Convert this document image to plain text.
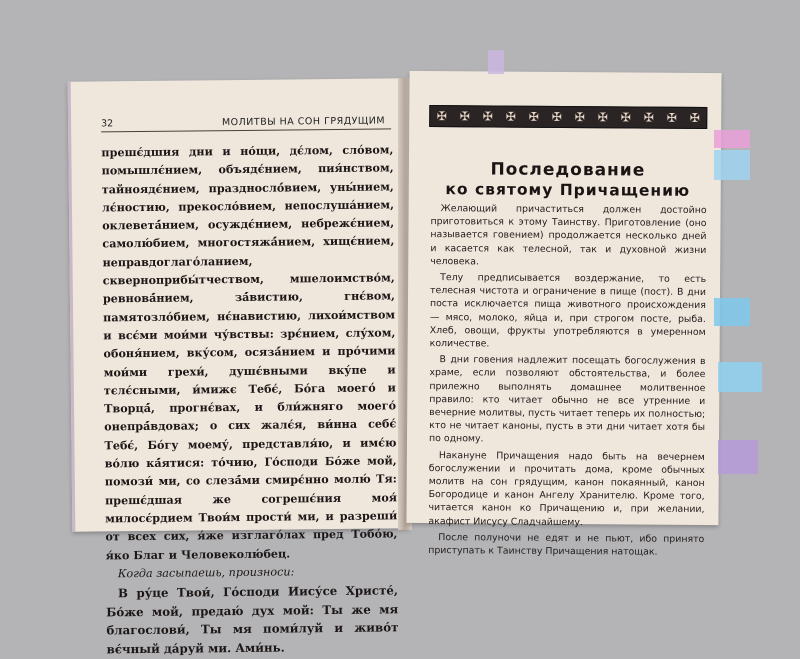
32	МОЛИТВЫ НА СОН ГРЯДУЩИМ

прешє́дшия дни и но́щи, дє́лом, сло́вом, помышлє́нием, объядє́нием, пия́нством, тайноядє́нием, празднослó́вием, уны́нием, лє́ностию, прекосло́вием, непослуша́нием, оклеветá́нием, осуждє́нием, небрежє́нием, самолю́бием, многостяжá́нием, хищє́нием, неправдоглаго́ланием, скверноприбы́тчеством, мшелоимство́м, ревновá́нием, зá́вистию, гнє́вом, памятозло́бием, нє́навистию, лихои́мством и всє́ми мои́ми чу́вствы: зрє́нием, слу́хом, обоня́нием, вку́сом, осязá́нием и про́чими мои́ми грехи́, душє́вными вку́пе и тєлє́сными, и́мижє Тебє́, Бо́га моего́ и Творцá́, прогнє́вах, и бли́жняго моего́ онепрá́вдовах; о сих жалє́я, ви́нна себє́ Тебє́, Бо́гу моему́, представля́ю, и имє́ю во́лю кá́ятися: то́чию, Го́споди Бо́же мой, помози́ ми, со слезá́ми смирє́нно молю́ Тя: прешє́дшая же согрешє́ния моя́ милосє́рдием Твои́м прости́ ми, и разреши́ от всех сих, я́же изглаго́лах пред Тобо́ю, я́ко Благ и Человеколю́бец.

Когда засыпаешь, произноси:

В ру́це Твои́, Го́споди Иису́се Христе́, Бо́же мой, предаю́ дух мой: Ты же мя благослови́, Ты мя поми́луй и живо́т вє́чный да́руй ми. Ами́нь.

✠ ✠ ✠ ✠ ✠ ✠ ✠ ✠ ✠ ✠ ✠ ✠
Последование
ко святому Причащению

Желающий причаститься должен достойно приготовиться к этому Таинству. Приготовление (оно называется говением) продолжается несколько дней и касается как телесной, так и духовной жизни человека.

Телу предписывается воздержание, то есть телесная чистота и ограничение в пище (пост). В дни поста исключается пища животного происхождения — мясо, молоко, яйца и, при строгом посте, рыба. Хлеб, овощи, фрукты употребляются в умеренном количестве.

В дни говения надлежит посещать богослужения в храме, если позволяют обстоятельства, и более прилежно выполнять домашнее молитвенное правило: кто читает обычно не все утренние и вечерние молитвы, пусть читает теперь их полностью; кто не читает каноны, пусть в эти дни читает хотя бы по одному.

Накануне Причащения надо быть на вечернем богослужении и прочитать дома, кроме обычных молитв на сон грядущим, канон покаянный, канон Богородице и канон Ангелу Хранителю. Кроме того, читается канон ко Причащению и, при желании, акафист Иисусу Сладчайшему.

После полуночи не едят и не пьют, ибо принято приступать к Таинству Причащения натощак.
